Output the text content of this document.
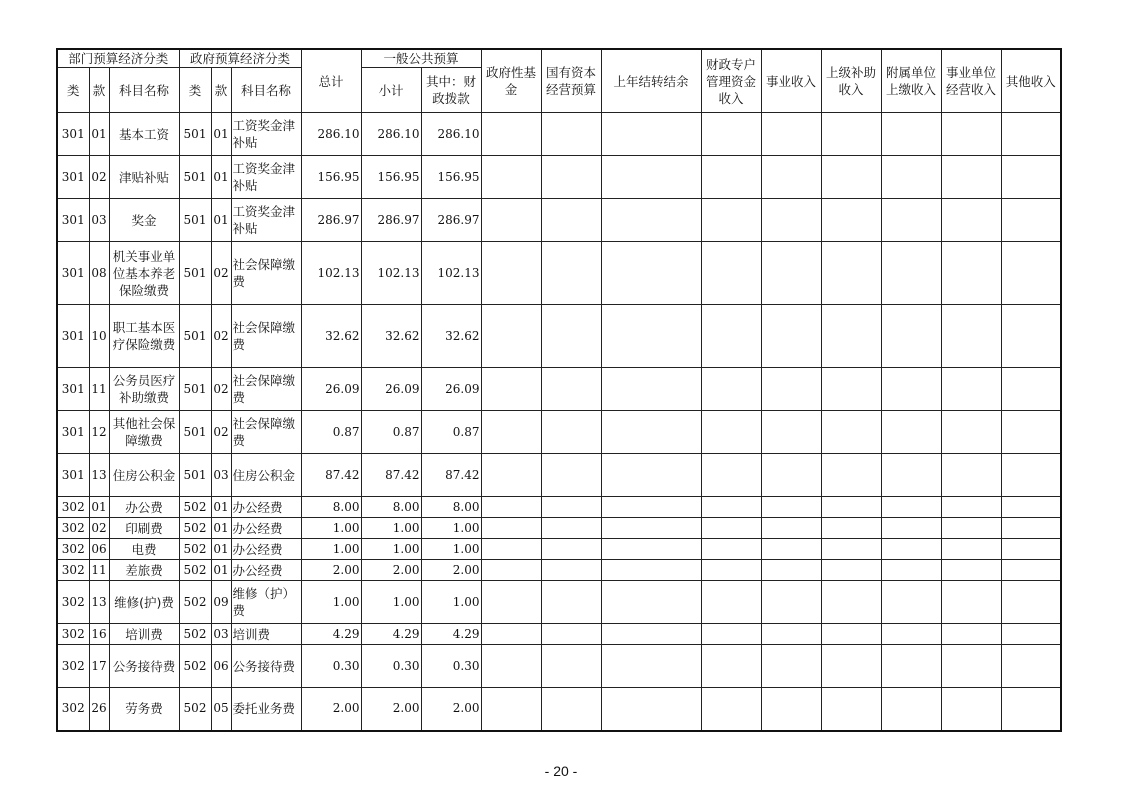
部门预算经济分类			政府预算经济分类			总计	一般公共预算		政府性基金	国有资本经营预算	上年结转结余	财政专户管理资金收入	事业收入	上级补助收入	附属单位上缴收入	事业单位经营收入	其他收入
类	款	科目名称	类	款	科目名称		小计	其中：财政拨款									
301	01	基本工资	501	01	工资奖金津补贴	286.10	286.10	286.10									
301	02	津贴补贴	501	01	工资奖金津补贴	156.95	156.95	156.95									
301	03	奖金	501	01	工资奖金津补贴	286.97	286.97	286.97									
301	08	机关事业单位基本养老保险缴费	501	02	社会保障缴费	102.13	102.13	102.13									
301	10	职工基本医疗保险缴费	501	02	社会保障缴费	32.62	32.62	32.62									
301	11	公务员医疗补助缴费	501	02	社会保障缴费	26.09	26.09	26.09									
301	12	其他社会保障缴费	501	02	社会保障缴费	0.87	0.87	0.87									
301	13	住房公积金	501	03	住房公积金	87.42	87.42	87.42									
302	01	办公费	502	01	办公经费	8.00	8.00	8.00									
302	02	印刷费	502	01	办公经费	1.00	1.00	1.00									
302	06	电费	502	01	办公经费	1.00	1.00	1.00									
302	11	差旅费	502	01	办公经费	2.00	2.00	2.00									
302	13	维修(护)费	502	09	维修（护）费	1.00	1.00	1.00									
302	16	培训费	502	03	培训费	4.29	4.29	4.29									
302	17	公务接待费	502	06	公务接待费	0.30	0.30	0.30									
302	26	劳务费	502	05	委托业务费	2.00	2.00	2.00									
- 20 -
